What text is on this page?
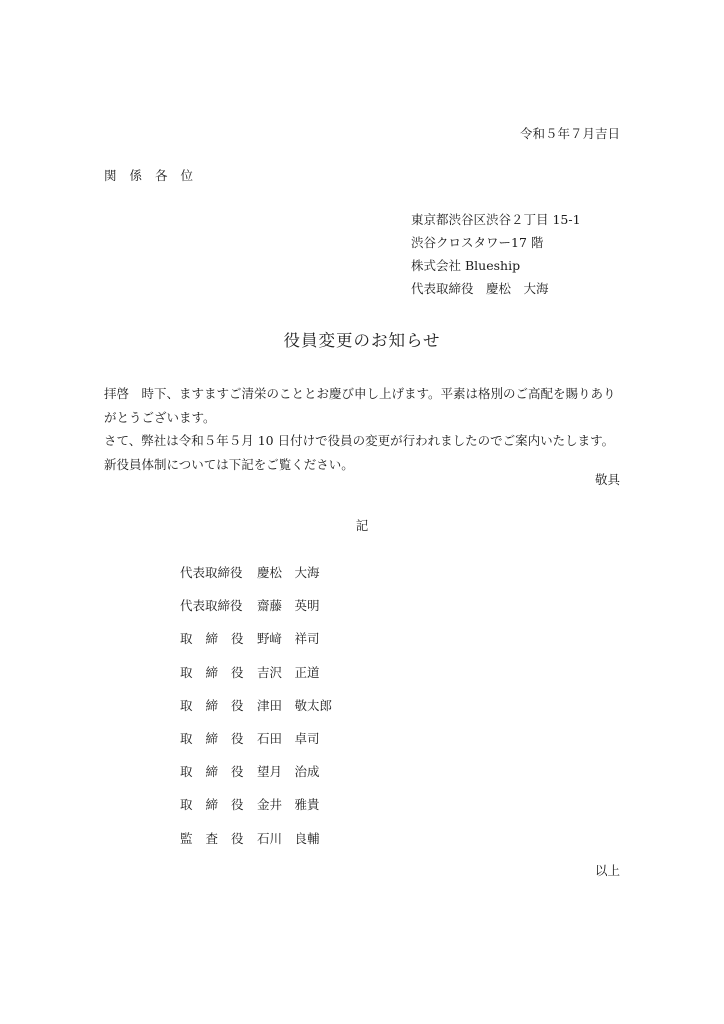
令和５年７月吉日
関係各位
東京都渋谷区渋谷２丁目 15-1
渋谷クロスタワー17 階
株式会社 Blueship
代表取締役　慶松　大海
役員変更のお知らせ

拝啓　時下、ますますご清栄のこととお慶び申し上げます。平素は格別のご高配を賜りありがとうございます。

さて、弊社は令和５年５月 10 日付けで役員の変更が行われましたのでご案内いたします。

新役員体制については下記をご覧ください。

敬具
記
代表取締役	慶松　大海
代表取締役	齋藤　英明
取締役 野﨑　祥司
取締役 吉沢　正道
取締役 津田　敬太郎
取締役 石田　卓司
取締役 望月　治成
取締役 金井　雅貴
監査役 石川　良輔
以上
